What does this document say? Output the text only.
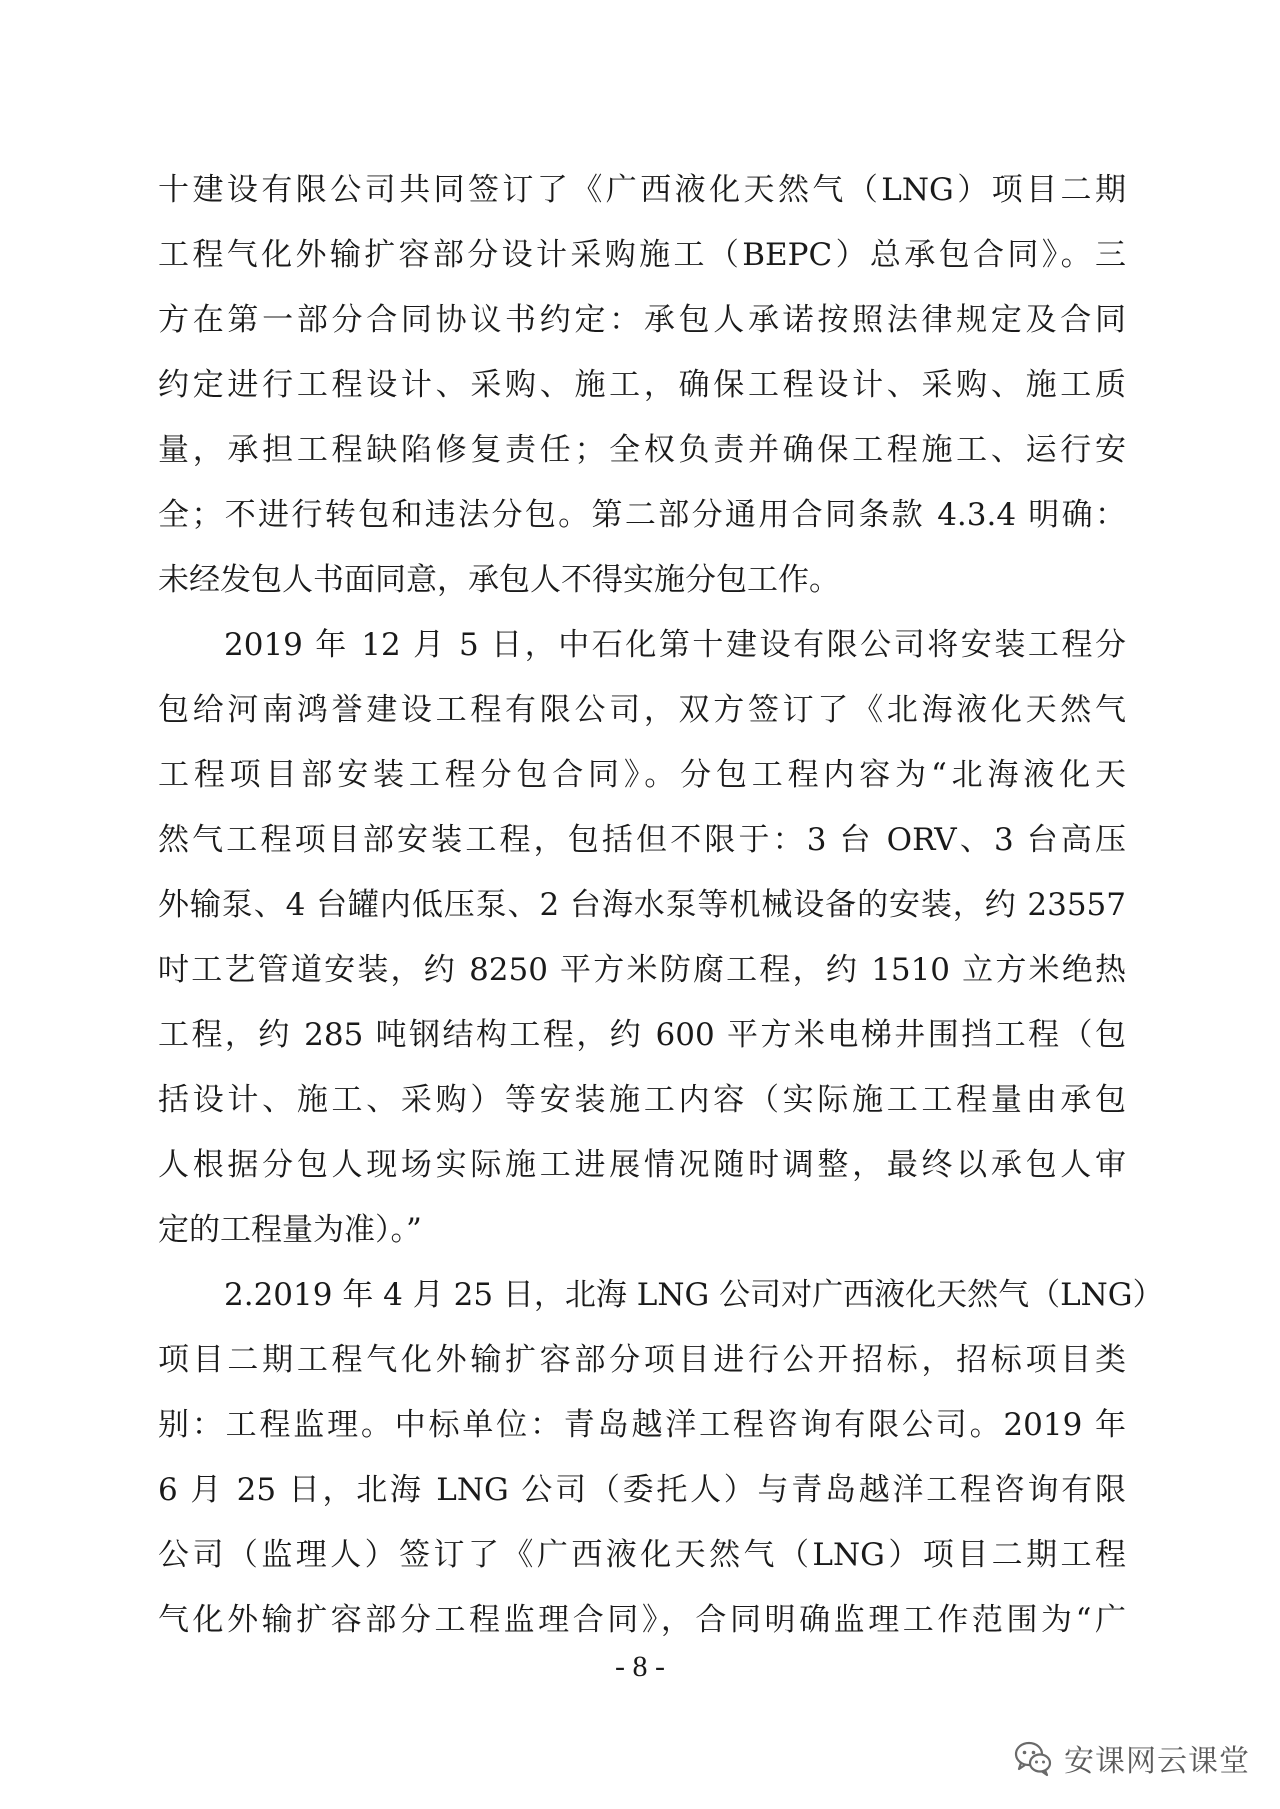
十建设有限公司共同签订了《广西液化天然气（LNG）项目二期
工程气化外输扩容部分设计采购施工（BEPC）总承包合同》。三
方在第一部分合同协议书约定：承包人承诺按照法律规定及合同
约定进行工程设计、采购、施工，确保工程设计、采购、施工质
量，承担工程缺陷修复责任；全权负责并确保工程施工、运行安
全；不进行转包和违法分包。第二部分通用合同条款 4.3.4 明确：
未经发包人书面同意，承包人不得实施分包工作。
2019 年 12 月 5 日，中石化第十建设有限公司将安装工程分
包给河南鸿誉建设工程有限公司，双方签订了《北海液化天然气
工程项目部安装工程分包合同》。分包工程内容为“北海液化天
然气工程项目部安装工程，包括但不限于：3 台 ORV、3 台高压
外输泵、4 台罐内低压泵、2 台海水泵等机械设备的安装，约 23557
吋工艺管道安装，约 8250 平方米防腐工程，约 1510 立方米绝热
工程，约 285 吨钢结构工程，约 600 平方米电梯井围挡工程（包
括设计、施工、采购）等安装施工内容（实际施工工程量由承包
人根据分包人现场实际施工进展情况随时调整，最终以承包人审
定的工程量为准）。”
2.2019 年 4 月 25 日，北海 LNG 公司对广西液化天然气（LNG）
项目二期工程气化外输扩容部分项目进行公开招标，招标项目类
别：工程监理。中标单位：青岛越洋工程咨询有限公司。2019 年
6 月 25 日，北海 LNG 公司（委托人）与青岛越洋工程咨询有限
公司（监理人）签订了《广西液化天然气（LNG）项目二期工程
气化外输扩容部分工程监理合同》，合同明确监理工作范围为“广
- 8 -
安课网云课堂
